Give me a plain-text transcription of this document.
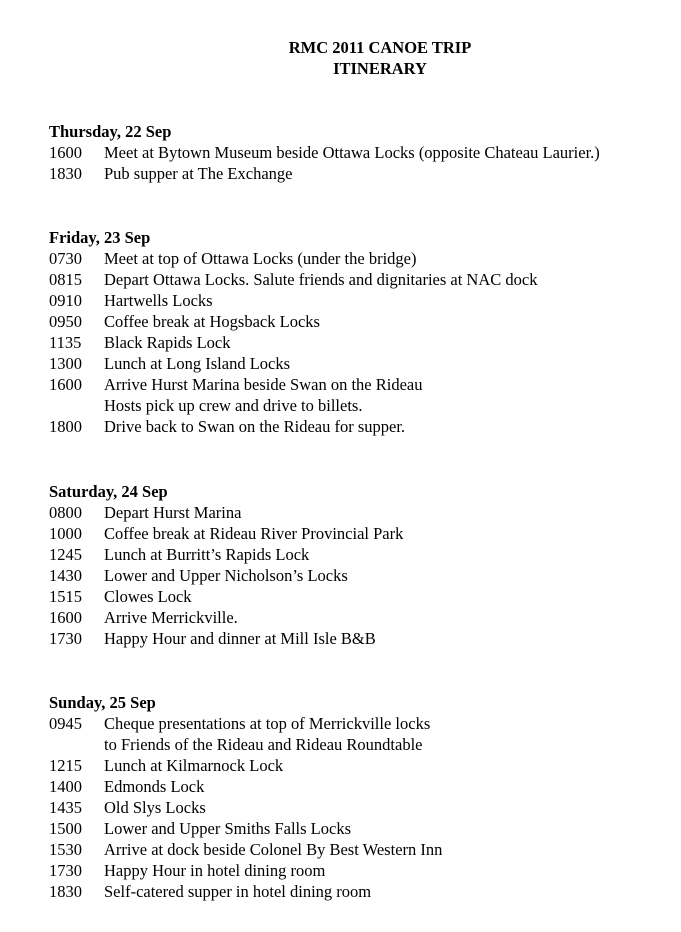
RMC 2011 CANOE TRIP
ITINERARY
Thursday, 22 Sep
1600	Meet at Bytown Museum beside Ottawa Locks (opposite Chateau Laurier.)
1830	Pub supper at The Exchange
Friday, 23 Sep
0730	Meet at top of Ottawa Locks (under the bridge)
0815	Depart Ottawa Locks. Salute friends and dignitaries at NAC dock
0910	Hartwells Locks
0950	Coffee break at Hogsback Locks
1135	Black Rapids Lock
1300	Lunch at Long Island Locks
1600	Arrive Hurst Marina beside Swan on the Rideau
Hosts pick up crew and drive to billets.
1800	Drive back to Swan on the Rideau for supper.
Saturday, 24 Sep
0800	Depart Hurst Marina
1000	Coffee break at Rideau River Provincial Park
1245	Lunch at Burritt’s Rapids Lock
1430	Lower and Upper Nicholson’s Locks
1515	Clowes Lock
1600	Arrive Merrickville.
1730	Happy Hour and dinner at Mill Isle B&B
Sunday, 25 Sep
0945	Cheque presentations at top of Merrickville locks
to Friends of the Rideau and Rideau Roundtable
1215	Lunch at Kilmarnock Lock
1400	Edmonds Lock
1435	Old Slys Locks
1500	Lower and Upper Smiths Falls Locks
1530	Arrive at dock beside Colonel By Best Western Inn
1730	Happy Hour in hotel dining room
1830	Self-catered supper in hotel dining room
